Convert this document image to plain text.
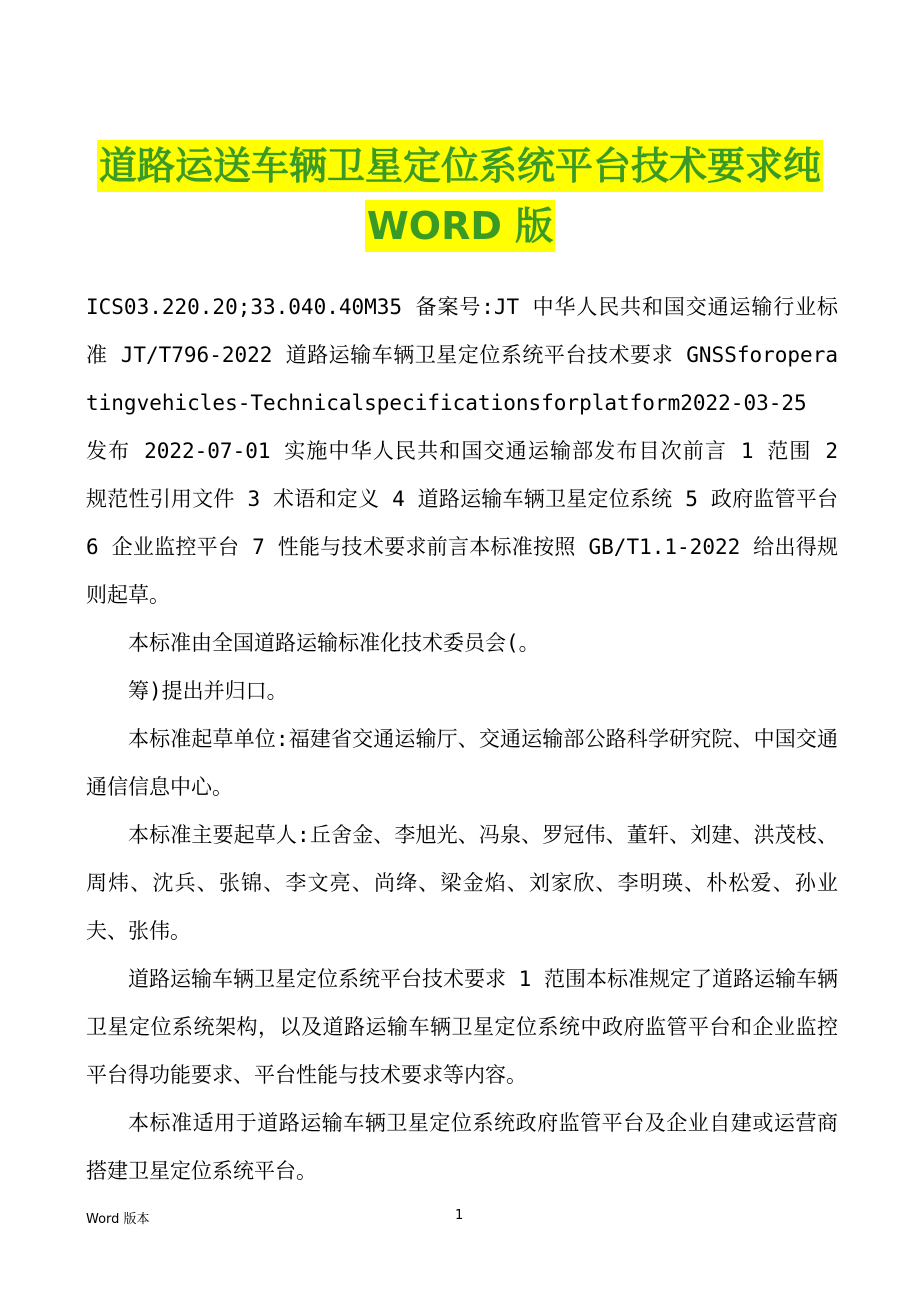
道路运送车辆卫星定位系统平台技术要求纯
WORD 版

ICS03.220.20;33.040.40M35 备案号:JT 中华人民共和国交通运输行业标准 JT/T796-2022 道路运输车辆卫星定位系统平台技术要求 GNSSforoperatingvehicles-Technicalspecificationsforplatform2022-03-25 发布 2022-07-01 实施中华人民共和国交通运输部发布目次前言 1 范围 2 规范性引用文件 3 术语和定义 4 道路运输车辆卫星定位系统 5 政府监管平台 6 企业监控平台 7 性能与技术要求前言本标准按照 GB/T1.1-2022 给出得规则起草。

本标准由全国道路运输标准化技术委员会(。

筹)提出并归口。

本标准起草单位:福建省交通运输厅、交通运输部公路科学研究院、中国交通通信信息中心。

本标准主要起草人:丘舍金、李旭光、冯泉、罗冠伟、董轩、刘建、洪茂枝、周炜、沈兵、张锦、李文亮、尚绛、梁金焰、刘家欣、李明瑛、朴松爱、孙业夫、张伟。

道路运输车辆卫星定位系统平台技术要求 1 范围本标准规定了道路运输车辆卫星定位系统架构，以及道路运输车辆卫星定位系统中政府监管平台和企业监控平台得功能要求、平台性能与技术要求等内容。

本标准适用于道路运输车辆卫星定位系统政府监管平台及企业自建或运营商搭建卫星定位系统平台。

Word 版本	1
